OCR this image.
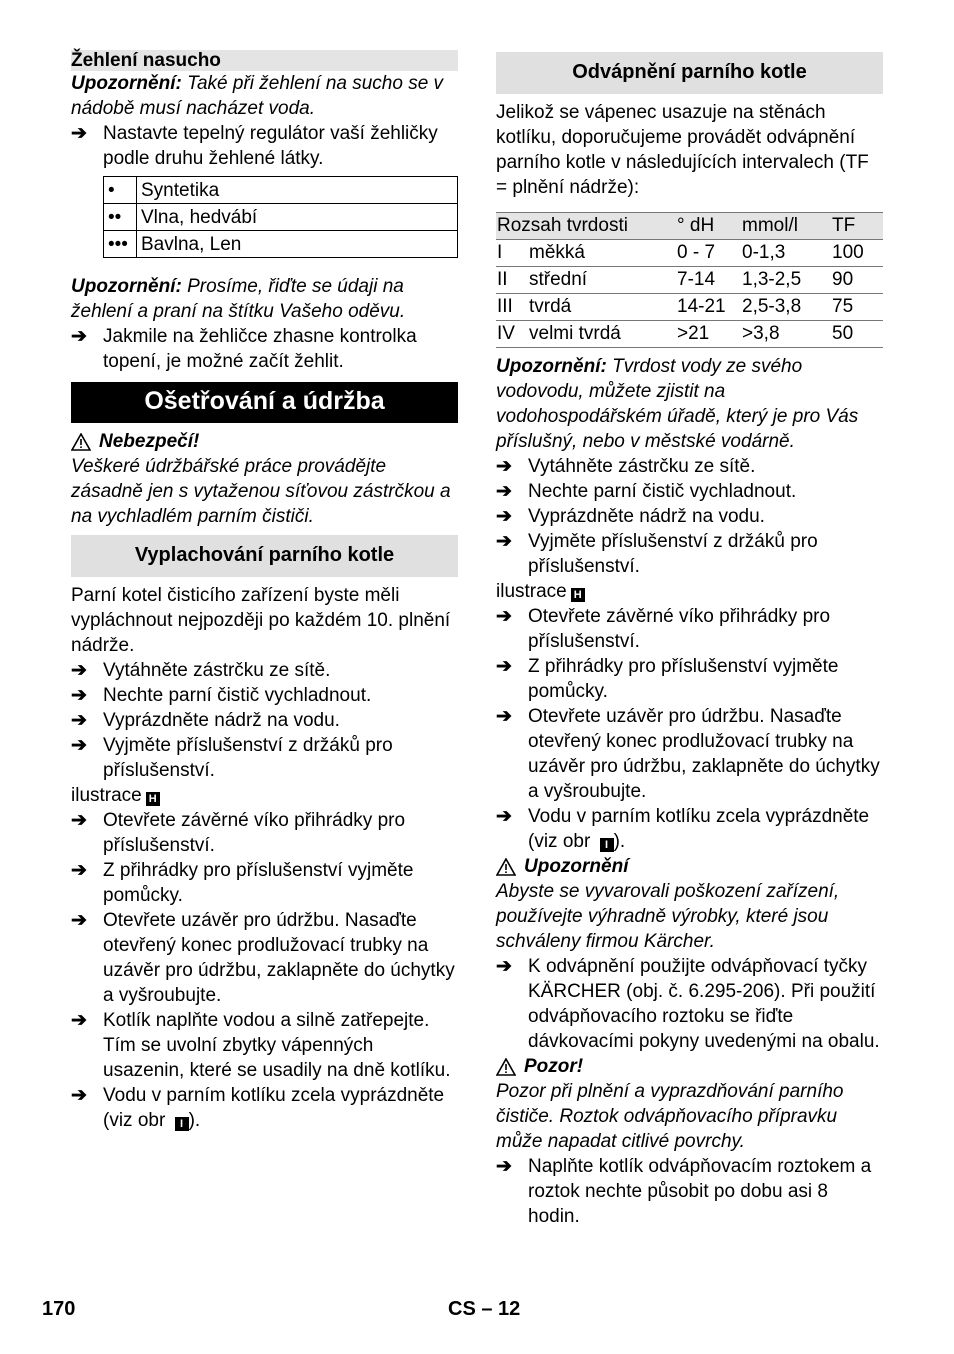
Žehlení nasucho

Upozornění: Také při žehlení na sucho se v nádobě musí nacházet voda.

➔ Nastavte tepelný regulátor vaší žehličky podle druhu žehlené látky.
•	Syntetika
••	Vlna, hedvábí
•••	Bavlna, Len

Upozornění: Prosíme, řiďte se údaji na žehlení a praní na štítku Vašeho oděvu.

➔ Jakmile na žehličce zhasne kontrolka topení, je možné začít žehlit.

Ošetřování a údržba

Nebezpečí!

Veškeré údržbářské práce provádějte zásadně jen s vytaženou síťovou zástrčkou a na vychladlém parním čističi.

Vyplachování parního kotle

Parní kotel čisticího zařízení byste měli vypláchnout nejpozději po každém 10. plnění nádrže.

➔ Vytáhněte zástrčku ze sítě.
➔ Nechte parní čistič vychladnout.
➔ Vyprázdněte nádrž na vodu.
➔ Vyjměte příslušenství z držáků pro příslušenství.

ilustrace H

➔ Otevřete závěrné víko přihrádky pro příslušenství.
➔ Z přihrádky pro příslušenství vyjměte pomůcky.
➔ Otevřete uzávěr pro údržbu. Nasaďte otevřený konec prodlužovací trubky na uzávěr pro údržbu, zaklapněte do úchytky a vyšroubujte.
➔ Kotlík naplňte vodou a silně zatřepejte. Tím se uvolní zbytky vápenných usazenin, které se usadily na dně kotlíku.
➔ Vodu v parním kotlíku zcela vyprázdněte (viz obr I ).

Odvápnění parního kotle

Jelikož se vápenec usazuje na stěnách kotlíku, doporučujeme provádět odvápnění parního kotle v následujících intervalech (TF = plnění nádrže):

Rozsah tvrdosti		° dH	mmol/l	TF
I	měkká	0 - 7	0-1,3	100
II	střední	7-14	1,3-2,5	90
III	tvrdá	14-21	2,5-3,8	75
IV	velmi tvrdá	>21	>3,8	50

Upozornění: Tvrdost vody ze svého vodovodu, můžete zjistit na vodohospodářském úřadě, který je pro Vás příslušný, nebo v městské vodárně.

➔ Vytáhněte zástrčku ze sítě.
➔ Nechte parní čistič vychladnout.
➔ Vyprázdněte nádrž na vodu.
➔ Vyjměte příslušenství z držáků pro příslušenství.

ilustrace H

➔ Otevřete závěrné víko přihrádky pro příslušenství.
➔ Z přihrádky pro příslušenství vyjměte pomůcky.
➔ Otevřete uzávěr pro údržbu. Nasaďte otevřený konec prodlužovací trubky na uzávěr pro údržbu, zaklapněte do úchytky a vyšroubujte.
➔ Vodu v parním kotlíku zcela vyprázdněte (viz obr I ).
Upozornění

Abyste se vyvarovali poškození zařízení, používejte výhradně výrobky, které jsou schváleny firmou Kärcher.

➔ K odvápnění použijte odvápňovací tyčky KÄRCHER (obj. č. 6.295-206). Při použití odvápňovacího roztoku se řiďte dávkovacími pokyny uvedenými na obalu.
Pozor!

Pozor při plnění a vyprazdňování parního čističe. Roztok odvápňovacího přípravku může napadat citlivé povrchy.

➔ Naplňte kotlík odvápňovacím roztokem a roztok nechte působit po dobu asi 8 hodin.
170	CS – 12
